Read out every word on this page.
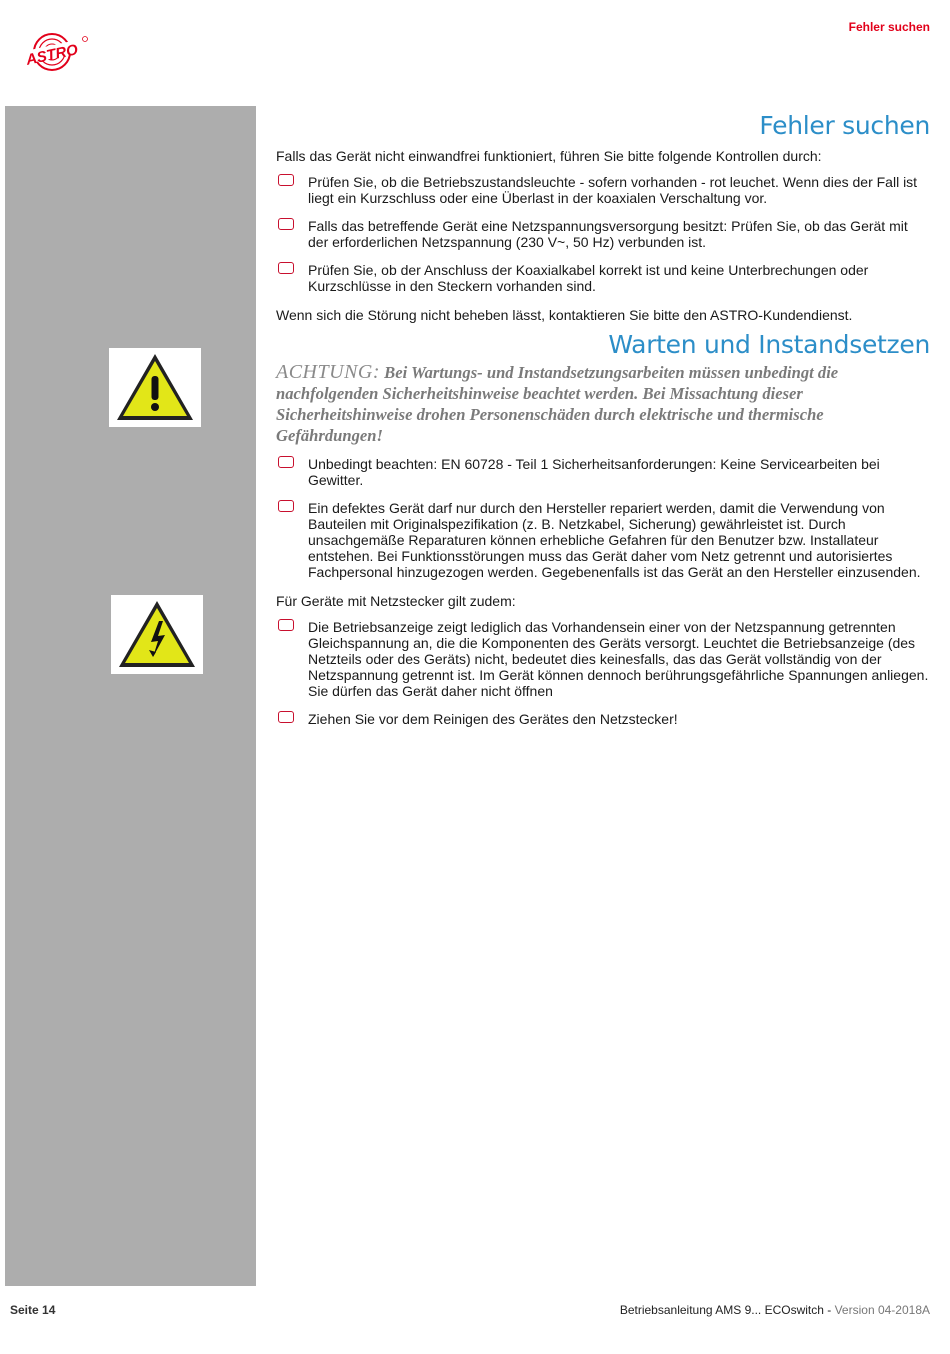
ASTRO
Fehler suchen
Fehler suchen

Falls das Gerät nicht einwandfrei funktioniert, führen Sie bitte folgende Kontrollen durch:

Prüfen Sie, ob die Betriebszustandsleuchte - sofern vorhanden - rot leuchet. Wenn dies der Fall ist liegt ein Kurzschluss oder eine Überlast in der koaxialen Verschaltung vor.
Falls das betreffende Gerät eine Netzspannungsversorgung besitzt: Prüfen Sie, ob das Gerät mit der erforderlichen Netzspannung (230 V~, 50 Hz) verbunden ist.
Prüfen Sie, ob der Anschluss der Koaxialkabel korrekt ist und keine Unterbrechungen oder Kurzschlüsse in den Steckern vorhanden sind.

Wenn sich die Störung nicht beheben lässt, kontaktieren Sie bitte den ASTRO-Kundendienst.

Warten und Instandsetzen

ACHTUNG: Bei Wartungs- und Instandsetzungsarbeiten müssen unbedingt die nachfolgenden Sicherheitshinweise beachtet werden. Bei Missachtung dieser Sicherheitshinweise drohen Personenschäden durch elektrische und thermische Gefährdungen!

Unbedingt beachten: EN 60728 - Teil 1 Sicherheitsanforderungen: Keine Servicearbeiten bei Gewitter.
Ein defektes Gerät darf nur durch den Hersteller repariert werden, damit die Verwendung von Bauteilen mit Originalspezifikation (z. B. Netzkabel, Sicherung) gewährleistet ist. Durch unsachgemäße Reparaturen können erhebliche Gefahren für den Benutzer bzw. Installateur entstehen. Bei Funktionsstörungen muss das Gerät daher vom Netz getrennt und autorisiertes Fachpersonal hinzugezogen werden. Gegebenenfalls ist das Gerät an den Hersteller einzusenden.

Für Geräte mit Netzstecker gilt zudem:

Die Betriebsanzeige zeigt lediglich das Vorhandensein einer von der Netzspannung getrennten Gleichspannung an, die die Komponenten des Geräts versorgt. Leuchtet die Betriebsanzeige (des Netzteils oder des Geräts) nicht, bedeutet dies keinesfalls, das das Gerät vollständig von der Netzspannung getrennt ist. Im Gerät können dennoch berührungsgefährliche Spannungen anliegen. Sie dürfen das Gerät daher nicht öffnen
Ziehen Sie vor dem Reinigen des Gerätes den Netzstecker!
Seite 14	Betriebsanleitung AMS 9... ECOswitch - Version 04-2018A
